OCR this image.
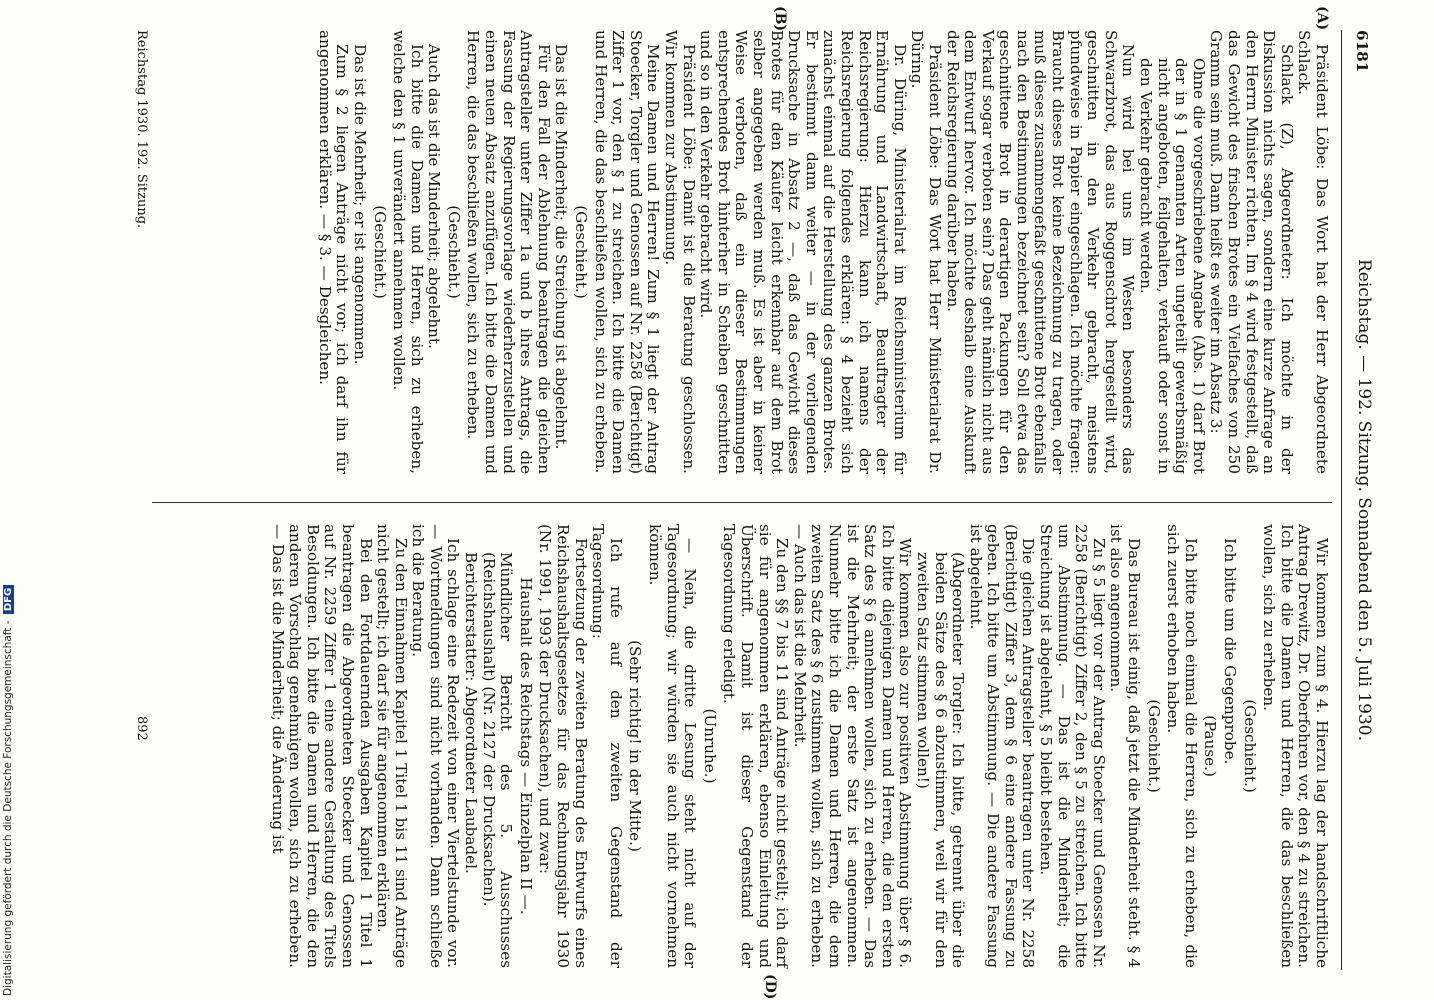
6181
Reichstag. — 192. Sitzung. Sonnabend den 5. Juli 1930.
(A)
(B)
(D)

Präsident Löbe: Das Wort hat der Herr Abgeordnete Schlack.

Schlack (Z), Abgeordneter: Ich möchte in der Diskussion nichts sagen, sondern eine kurze Anfrage an den Herrn Minister richten. Im § 4 wird festgestellt, daß das Gewicht des frischen Brotes ein Vielfaches von 250 Gramm sein muß. Dann heißt es weiter im Absatz 3:

Ohne die vorgeschriebene Angabe (Abs. 1) darf Brot der in § 1 genannten Arten ungeteilt gewerbsmäßig nicht angeboten, feilgehalten, verkauft oder sonst in den Verkehr gebracht werden.

Nun wird bei uns im Westen besonders das Schwarzbrot, das aus Roggenschrot hergestellt wird, geschnitten in den Verkehr gebracht, meistens pfundweise in Papier eingeschlagen. Ich möchte fragen: Braucht dieses Brot keine Bezeichnung zu tragen, oder muß dieses zusammengefaßt geschnittene Brot ebenfalls nach den Bestimmungen bezeichnet sein? Soll etwa das geschnittene Brot in derartigen Packungen für den Verkauf sogar verboten sein? Das geht nämlich nicht aus dem Entwurf hervor. Ich möchte deshalb eine Auskunft der Reichsregierung darüber haben.

Präsident Löbe: Das Wort hat Herr Ministerialrat Dr. Düring.

Dr. Düring, Ministerialrat im Reichsministerium für Ernährung und Landwirtschaft, Beauftragter der Reichsregierung: Hierzu kann ich namens der Reichsregierung folgendes erklären: § 4 bezieht sich zunächst einmal auf die Herstellung des ganzen Brotes. Er bestimmt dann weiter — in der vorliegenden Drucksache in Absatz 2 —, daß das Gewicht dieses Brotes für den Käufer leicht erkennbar auf dem Brot selber angegeben werden muß. Es ist aber in keiner Weise verboten, daß ein dieser Bestimmungen entsprechendes Brot hinterher in Scheiben geschnitten und so in den Verkehr gebracht wird.

Präsident Löbe: Damit ist die Beratung geschlossen. Wir kommen zur Abstimmung.

Meine Damen und Herren! Zum § 1 liegt der Antrag Stoecker, Torgler und Genossen auf Nr. 2258 (Berichtigt) Ziffer 1 vor, den § 1 zu streichen. Ich bitte die Damen und Herren, die das beschließen wollen, sich zu erheben.

(Geschieht.)

Das ist die Minderheit; die Streichung ist abgelehnt.

Für den Fall der Ablehnung beantragen die gleichen Antragsteller unter Ziffer 1a und b ihres Antrags, die Fassung der Regierungsvorlage wiederherzustellen und einen neuen Absatz anzufügen. Ich bitte die Damen und Herren, die das beschließen wollen, sich zu erheben.

(Geschieht.)

Auch das ist die Minderheit; abgelehnt.

Ich bitte die Damen und Herren, sich zu erheben, welche den § 1 unverändert annehmen wollen.

(Geschieht.)

Das ist die Mehrheit; er ist angenommen.

Zum § 2 liegen Anträge nicht vor; ich darf ihn für angenommen erklären. — § 3. — Desgleichen.

Wir kommen zum § 4. Hierzu lag der handschriftliche Antrag Drewitz, Dr. Oberfohren vor, den § 4 zu streichen. Ich bitte die Damen und Herren, die das beschließen wollen, sich zu erheben.

(Geschieht.)

Ich bitte um die Gegenprobe.

(Pause.)

Ich bitte noch einmal die Herren, sich zu erheben, die sich zuerst erhoben haben.

(Geschieht.)

Das Bureau ist einig, daß jetzt die Minderheit steht. § 4 ist also angenommen.

Zu § 5 liegt vor der Antrag Stoecker und Genossen Nr. 2258 (Berichtigt) Ziffer 2, den § 5 zu streichen. Ich bitte um Abstimmung. — Das ist die Minderheit; die Streichung ist abgelehnt, § 5 bleibt bestehen.

Die gleichen Antragsteller beantragen unter Nr. 2258 (Berichtigt) Ziffer 3, dem § 6 eine andere Fassung zu geben. Ich bitte um Abstimmung. — Die andere Fassung ist abgelehnt.

(Abgeordneter Torgler: Ich bitte, getrennt über die beiden Sätze des § 6 abzustimmen, weil wir für den zweiten Satz stimmen wollen!)

Wir kommen also zur positiven Abstimmung über § 6. Ich bitte diejenigen Damen und Herren, die den ersten Satz des § 6 annehmen wollen, sich zu erheben. — Das ist die Mehrheit; der erste Satz ist angenommen. Nunmehr bitte ich die Damen und Herren, die dem zweiten Satz des § 6 zustimmen wollen, sich zu erheben. — Auch das ist die Mehrheit.

Zu den §§ 7 bis 11 sind Anträge nicht gestellt; ich darf sie für angenommen erklären, ebenso Einleitung und Überschrift. Damit ist dieser Gegenstand der Tagesordnung erledigt.

(Unruhe.)

— Nein, die dritte Lesung steht nicht auf der Tagesordnung; wir würden sie auch nicht vornehmen können.

(Sehr richtig! in der Mitte.)

Ich rufe auf den zweiten Gegenstand der Tagesordnung:

Fortsetzung der zweiten Beratung des Entwurfs eines Reichshaushaltsgesetzes für das Rechnungsjahr 1930 (Nr. 1991, 1993 der Drucksachen), und zwar:

Haushalt des Reichstags — Einzelplan II —.

Mündlicher Bericht des 5. Ausschusses (Reichshaushalt) (Nr. 2127 der Drucksachen).

Berichterstatter: Abgeordneter Laubadel.

Ich schlage eine Redezeit von einer Viertelstunde vor. — Wortmeldungen sind nicht vorhanden. Dann schließe ich die Beratung.

Zu den Einnahmen Kapitel 1 Titel 1 bis 11 sind Anträge nicht gestellt; ich darf sie für angenommen erklären.

Bei den Fortdauernden Ausgaben Kapitel 1 Titel 1 beantragen die Abgeordneten Stoecker und Genossen auf Nr. 2259 Ziffer 1 eine andere Gestaltung des Titels Besoldungen. Ich bitte die Damen und Herren, die den anderen Vorschlag genehmigen wollen, sich zu erheben. — Das ist die Minderheit; die Änderung ist

Reichstag 1930. 192. Sitzung.
892
Digitalisierung gefördert durch die Deutsche Forschungsgemeinschaft - DFG
